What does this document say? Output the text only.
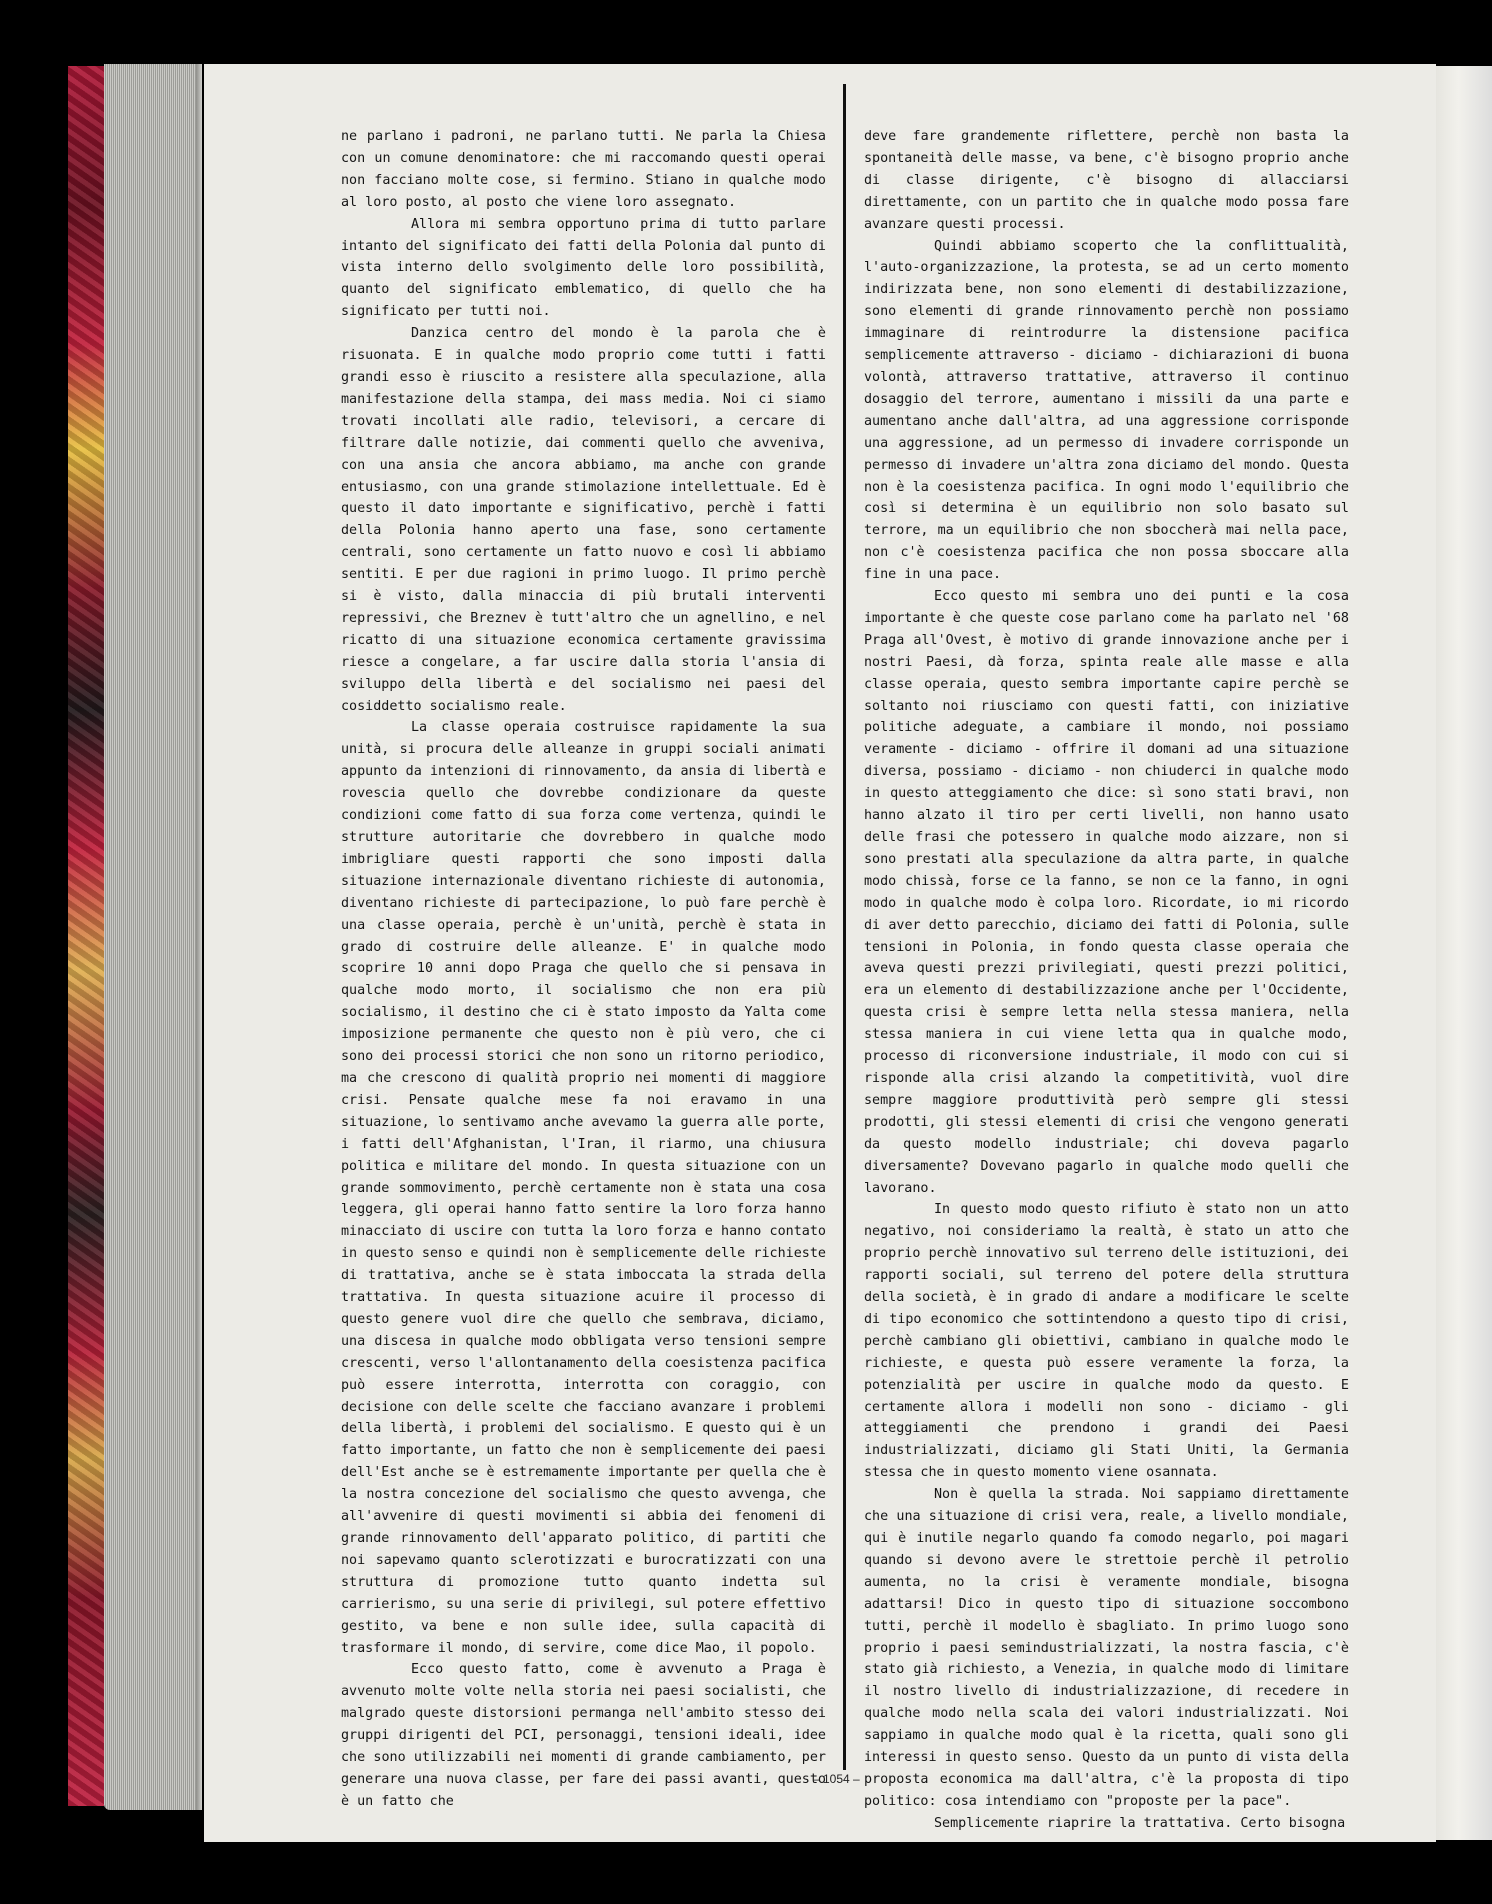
ne parlano i padroni, ne parlano tutti. Ne parla la Chiesa con un comune denominatore: che mi raccomando questi operai non facciano molte cose, si fermino. Stiano in qualche modo al loro posto, al posto che viene loro assegnato.

Allora mi sembra opportuno prima di tutto parlare intanto del significato dei fatti della Polonia dal punto di vista interno dello svolgimento delle loro possibilità, quanto del significato emblematico, di quello che ha significato per tutti noi.

Danzica centro del mondo è la parola che è risuonata. E in qualche modo proprio come tutti i fatti grandi esso è riuscito a resistere alla speculazione, alla manifestazione della stampa, dei mass media. Noi ci siamo trovati incollati alle radio, televisori, a cercare di filtrare dalle notizie, dai commenti quello che avveniva, con una ansia che ancora abbiamo, ma anche con grande entusiasmo, con una grande stimolazione intellettuale. Ed è questo il dato importante e significativo, perchè i fatti della Polonia hanno aperto una fase, sono certamente centrali, sono certamente un fatto nuovo e così li abbiamo sentiti. E per due ragioni in primo luogo. Il primo perchè si è visto, dalla minaccia di più brutali interventi repressivi, che Breznev è tutt'altro che un agnellino, e nel ricatto di una situazione economica certamente gravissima riesce a congelare, a far uscire dalla storia l'ansia di sviluppo della libertà e del socialismo nei paesi del cosiddetto socialismo reale.

La classe operaia costruisce rapidamente la sua unità, si procura delle alleanze in gruppi sociali animati appunto da intenzioni di rinnovamento, da ansia di libertà e rovescia quello che dovrebbe condizionare da queste condizioni come fatto di sua forza come vertenza, quindi le strutture autoritarie che dovrebbero in qualche modo imbrigliare questi rapporti che sono imposti dalla situazione internazionale diventano richieste di autonomia, diventano richieste di partecipazione, lo può fare perchè è una classe operaia, perchè è un'unità, perchè è stata in grado di costruire delle alleanze. E' in qualche modo scoprire 10 anni dopo Praga che quello che si pensava in qualche modo morto, il socialismo che non era più socialismo, il destino che ci è stato imposto da Yalta come imposizione permanente che questo non è più vero, che ci sono dei processi storici che non sono un ritorno periodico, ma che crescono di qualità proprio nei momenti di maggiore crisi. Pensate qualche mese fa noi eravamo in una situazione, lo sentivamo anche avevamo la guerra alle porte, i fatti dell'Afghanistan, l'Iran, il riarmo, una chiusura politica e militare del mondo. In questa situazione con un grande sommovimento, perchè certamente non è stata una cosa leggera, gli operai hanno fatto sentire la loro forza hanno minacciato di uscire con tutta la loro forza e hanno contato in questo senso e quindi non è semplicemente delle richieste di trattativa, anche se è stata imboccata la strada della trattativa. In questa situazione acuire il processo di questo genere vuol dire che quello che sembrava, diciamo, una discesa in qualche modo obbligata verso tensioni sempre crescenti, verso l'allontanamento della coesistenza pacifica può essere interrotta, interrotta con coraggio, con decisione con delle scelte che facciano avanzare i problemi della libertà, i problemi del socialismo. E questo qui è un fatto importante, un fatto che non è semplicemente dei paesi dell'Est anche se è estremamente importante per quella che è la nostra concezione del socialismo che questo avvenga, che all'avvenire di questi movimenti si abbia dei fenomeni di grande rinnovamento dell'apparato politico, di partiti che noi sapevamo quanto sclerotizzati e burocratizzati con una struttura di promozione tutto quanto indetta sul carrierismo, su una serie di privilegi, sul potere effettivo gestito, va bene e non sulle idee, sulla capacità di trasformare il mondo, di servire, come dice Mao, il popolo.

Ecco questo fatto, come è avvenuto a Praga è avvenuto molte volte nella storia nei paesi socialisti, che malgrado queste distorsioni permanga nell'ambito stesso dei gruppi dirigenti del PCI, personaggi, tensioni ideali, idee che sono utilizzabili nei momenti di grande cambiamento, per generare una nuova classe, per fare dei passi avanti, questo è un fatto che

deve fare grandemente riflettere, perchè non basta la spontaneità delle masse, va bene, c'è bisogno proprio anche di classe dirigente, c'è bisogno di allacciarsi direttamente, con un partito che in qualche modo possa fare avanzare questi processi.

Quindi abbiamo scoperto che la conflittualità, l'auto-organizzazione, la protesta, se ad un certo momento indirizzata bene, non sono elementi di destabilizzazione, sono elementi di grande rinnovamento perchè non possiamo immaginare di reintrodurre la distensione pacifica semplicemente attraverso - diciamo - dichiarazioni di buona volontà, attraverso trattative, attraverso il continuo dosaggio del terrore, aumentano i missili da una parte e aumentano anche dall'altra, ad una aggressione corrisponde una aggressione, ad un permesso di invadere corrisponde un permesso di invadere un'altra zona diciamo del mondo. Questa non è la coesistenza pacifica. In ogni modo l'equilibrio che così si determina è un equilibrio non solo basato sul terrore, ma un equilibrio che non sboccherà mai nella pace, non c'è coesistenza pacifica che non possa sboccare alla fine in una pace.

Ecco questo mi sembra uno dei punti e la cosa importante è che queste cose parlano come ha parlato nel '68 Praga all'Ovest, è motivo di grande innovazione anche per i nostri Paesi, dà forza, spinta reale alle masse e alla classe operaia, questo sembra importante capire perchè se soltanto noi riusciamo con questi fatti, con iniziative politiche adeguate, a cambiare il mondo, noi possiamo veramente - diciamo - offrire il domani ad una situazione diversa, possiamo - diciamo - non chiuderci in qualche modo in questo atteggiamento che dice: sì sono stati bravi, non hanno alzato il tiro per certi livelli, non hanno usato delle frasi che potessero in qualche modo aizzare, non si sono prestati alla speculazione da altra parte, in qualche modo chissà, forse ce la fanno, se non ce la fanno, in ogni modo in qualche modo è colpa loro. Ricordate, io mi ricordo di aver detto parecchio, diciamo dei fatti di Polonia, sulle tensioni in Polonia, in fondo questa classe operaia che aveva questi prezzi privilegiati, questi prezzi politici, era un elemento di destabilizzazione anche per l'Occidente, questa crisi è sempre letta nella stessa maniera, nella stessa maniera in cui viene letta qua in qualche modo, processo di riconversione industriale, il modo con cui si risponde alla crisi alzando la competitività, vuol dire sempre maggiore produttività però sempre gli stessi prodotti, gli stessi elementi di crisi che vengono generati da questo modello industriale; chi doveva pagarlo diversamente? Dovevano pagarlo in qualche modo quelli che lavorano.

In questo modo questo rifiuto è stato non un atto negativo, noi consideriamo la realtà, è stato un atto che proprio perchè innovativo sul terreno delle istituzioni, dei rapporti sociali, sul terreno del potere della struttura della società, è in grado di andare a modificare le scelte di tipo economico che sottintendono a questo tipo di crisi, perchè cambiano gli obiettivi, cambiano in qualche modo le richieste, e questa può essere veramente la forza, la potenzialità per uscire in qualche modo da questo. E certamente allora i modelli non sono - diciamo - gli atteggiamenti che prendono i grandi dei Paesi industrializzati, diciamo gli Stati Uniti, la Germania stessa che in questo momento viene osannata.

Non è quella la strada. Noi sappiamo direttamente che una situazione di crisi vera, reale, a livello mondiale, qui è inutile negarlo quando fa comodo negarlo, poi magari quando si devono avere le strettoie perchè il petrolio aumenta, no la crisi è veramente mondiale, bisogna adattarsi! Dico in questo tipo di situazione soccombono tutti, perchè il modello è sbagliato. In primo luogo sono proprio i paesi semindustrializzati, la nostra fascia, c'è stato già richiesto, a Venezia, in qualche modo di limitare il nostro livello di industrializzazione, di recedere in qualche modo nella scala dei valori industrializzati. Noi sappiamo in qualche modo qual è la ricetta, quali sono gli interessi in questo senso. Questo da un punto di vista della proposta economica ma dall'altra, c'è la proposta di tipo politico: cosa intendiamo con "proposte per la pace".

Semplicemente riaprire la trattativa. Certo bisogna

– 1054 –
